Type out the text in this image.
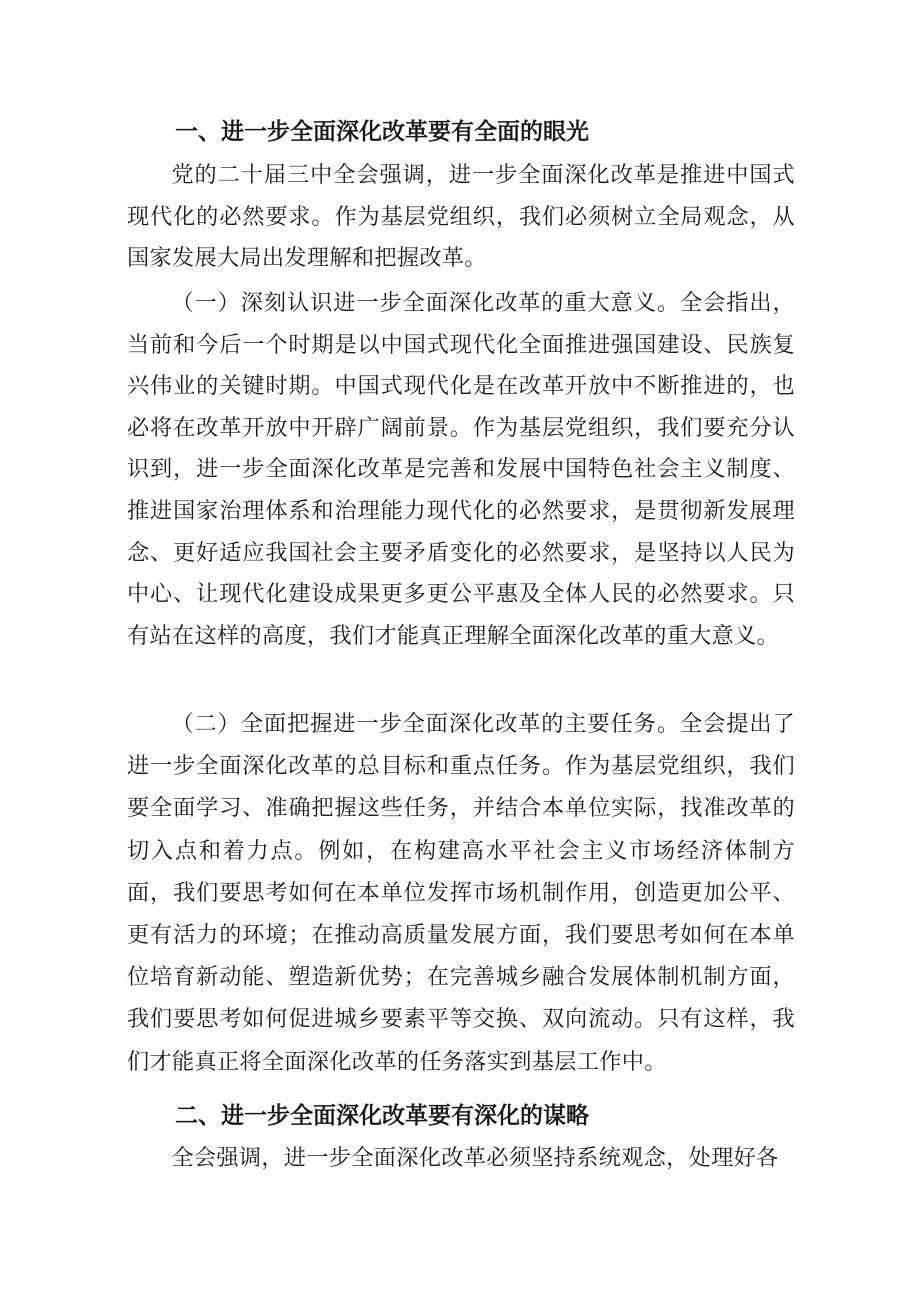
一、进一步全面深化改革要有全面的眼光

党的二十届三中全会强调，进一步全面深化改革是推进中国式现代化的必然要求。作为基层党组织，我们必须树立全局观念，从国家发展大局出发理解和把握改革。

（一）深刻认识进一步全面深化改革的重大意义。全会指出，当前和今后一个时期是以中国式现代化全面推进强国建设、民族复兴伟业的关键时期。中国式现代化是在改革开放中不断推进的，也必将在改革开放中开辟广阔前景。作为基层党组织，我们要充分认识到，进一步全面深化改革是完善和发展中国特色社会主义制度、推进国家治理体系和治理能力现代化的必然要求，是贯彻新发展理念、更好适应我国社会主要矛盾变化的必然要求，是坚持以人民为中心、让现代化建设成果更多更公平惠及全体人民的必然要求。只有站在这样的高度，我们才能真正理解全面深化改革的重大意义。

（二）全面把握进一步全面深化改革的主要任务。全会提出了进一步全面深化改革的总目标和重点任务。作为基层党组织，我们要全面学习、准确把握这些任务，并结合本单位实际，找准改革的切入点和着力点。例如，在构建高水平社会主义市场经济体制方面，我们要思考如何在本单位发挥市场机制作用，创造更加公平、更有活力的环境；在推动高质量发展方面，我们要思考如何在本单位培育新动能、塑造新优势；在完善城乡融合发展体制机制方面，我们要思考如何促进城乡要素平等交换、双向流动。只有这样，我们才能真正将全面深化改革的任务落实到基层工作中。

二、进一步全面深化改革要有深化的谋略

全会强调，进一步全面深化改革必须坚持系统观念，处理好各
